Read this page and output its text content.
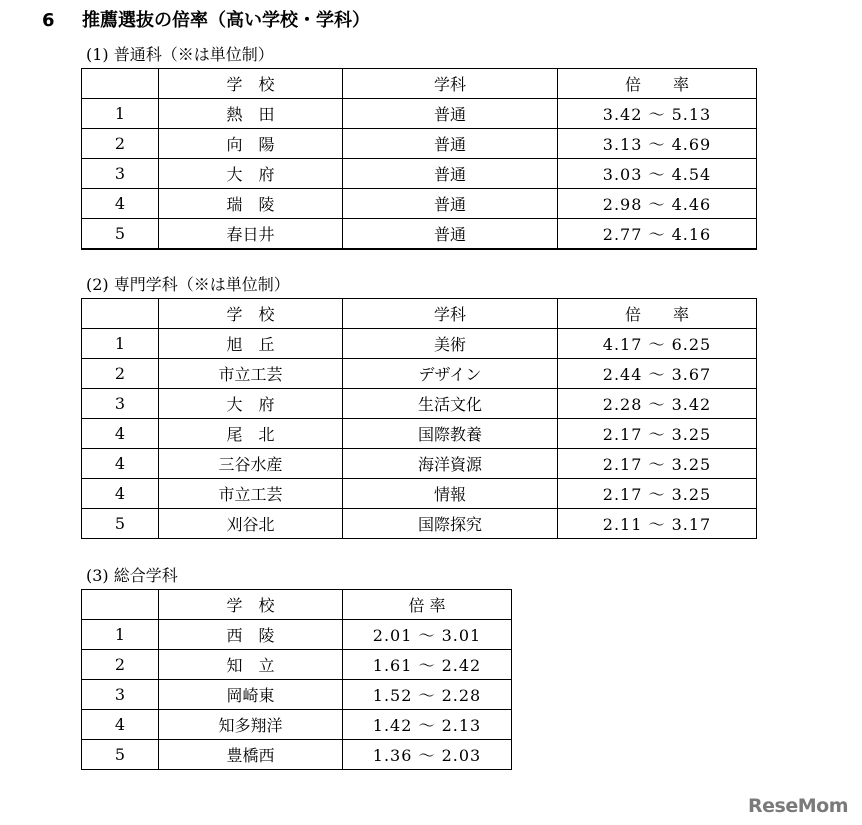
6 推薦選抜の倍率（高い学校・学科）
(1) 普通科（※は単位制）
	学　校	学科	倍　　率
1	熱　田	普通	3.42 ～ 5.13
2	向　陽	普通	3.13 ～ 4.69
3	大　府	普通	3.03 ～ 4.54
4	瑞　陵	普通	2.98 ～ 4.46
5	春日井	普通	2.77 ～ 4.16
(2) 専門学科（※は単位制）
	学　校	学科	倍　　率
1	旭　丘	美術	4.17 ～ 6.25
2	市立工芸	デザイン	2.44 ～ 3.67
3	大　府	生活文化	2.28 ～ 3.42
4	尾　北	国際教養	2.17 ～ 3.25
4	三谷水産	海洋資源	2.17 ～ 3.25
4	市立工芸	情報	2.17 ～ 3.25
5	刈谷北	国際探究	2.11 ～ 3.17
(3) 総合学科
	学　校	倍 率
1	西　陵	2.01 ～ 3.01
2	知　立	1.61 ～ 2.42
3	岡崎東	1.52 ～ 2.28
4	知多翔洋	1.42 ～ 2.13
5	豊橋西	1.36 ～ 2.03
ReseMom
